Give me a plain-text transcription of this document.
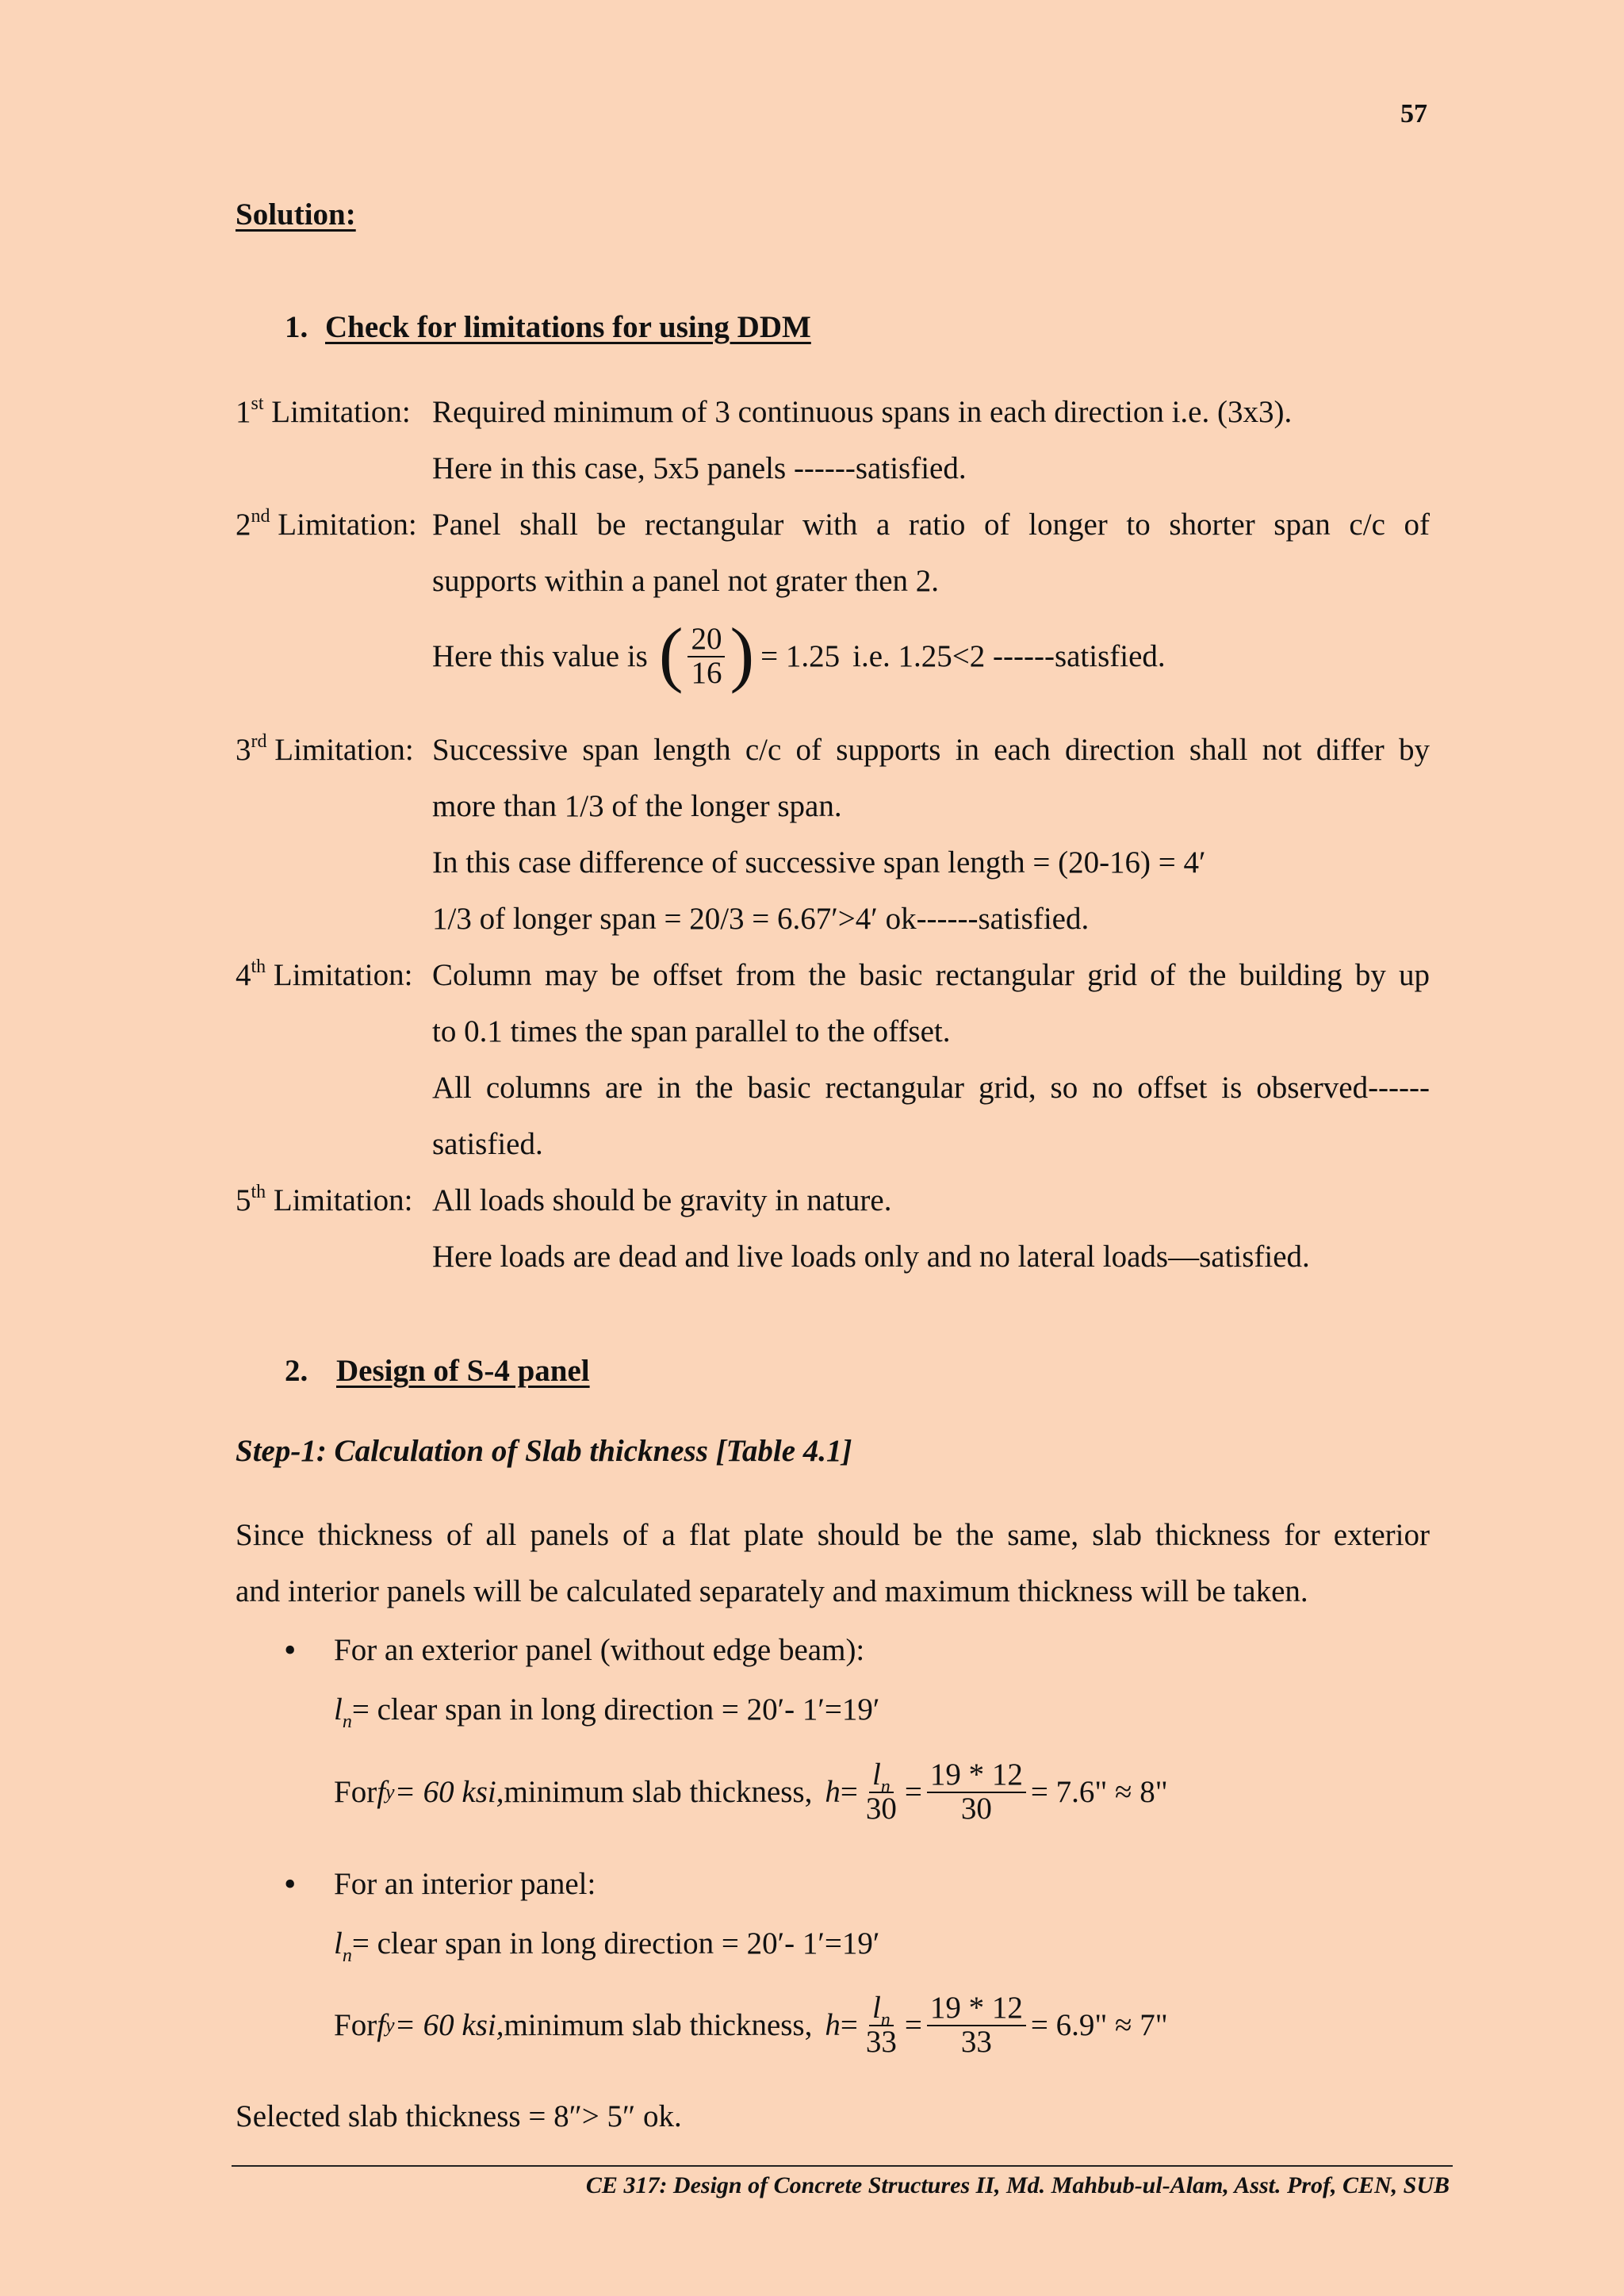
57
Solution:
1. Check for limitations for using DDM
1st Limitation: Required minimum of 3 continuous spans in each direction i.e. (3x3).
Here in this case, 5x5 panels ------satisfied.
2nd Limitation: Panel shall be rectangular with a ratio of longer to shorter span c/c of
supports within a panel not grater then 2.
Here this value is ( $\frac{20}{16}$ ) = 1.25 i.e. 1.25<2 ------satisfied.
3rd Limitation: Successive span length c/c of supports in each direction shall not differ by
more than 1/3 of the longer span.
In this case difference of successive span length = (20-16) = 4′
1/3 of longer span = 20/3 = 6.67′>4′ ok------satisfied.
4th Limitation: Column may be offset from the basic rectangular grid of the building by up
to 0.1 times the span parallel to the offset.
All columns are in the basic rectangular grid, so no offset is observed------
satisfied.
5th Limitation: All loads should be gravity in nature.
Here loads are dead and live loads only and no lateral loads—satisfied.
2. Design of S-4 panel
Step-1: Calculation of Slab thickness [Table 4.1]
Since thickness of all panels of a flat plate should be the same, slab thickness for exterior
and interior panels will be calculated separately and maximum thickness will be taken.
• For an exterior panel (without edge beam):
$l_n=$ clear span in long direction = 20′- 1′=19′
For f y = 60 ksi, minimum slab thickness, $h = \frac{l_n}{30} = \frac{19 * 12}{30} = 7.6$" ≈ 8"
• For an interior panel:
$l_n=$ clear span in long direction = 20′- 1′=19′
For f y = 60 ksi, minimum slab thickness, $h = \frac{l_n}{33} = \frac{19 * 12}{33} = 6.9$" ≈ 7"
Selected slab thickness = 8″> 5″ ok.
CE 317: Design of Concrete Structures II, Md. Mahbub-ul-Alam, Asst. Prof, CEN, SUB
